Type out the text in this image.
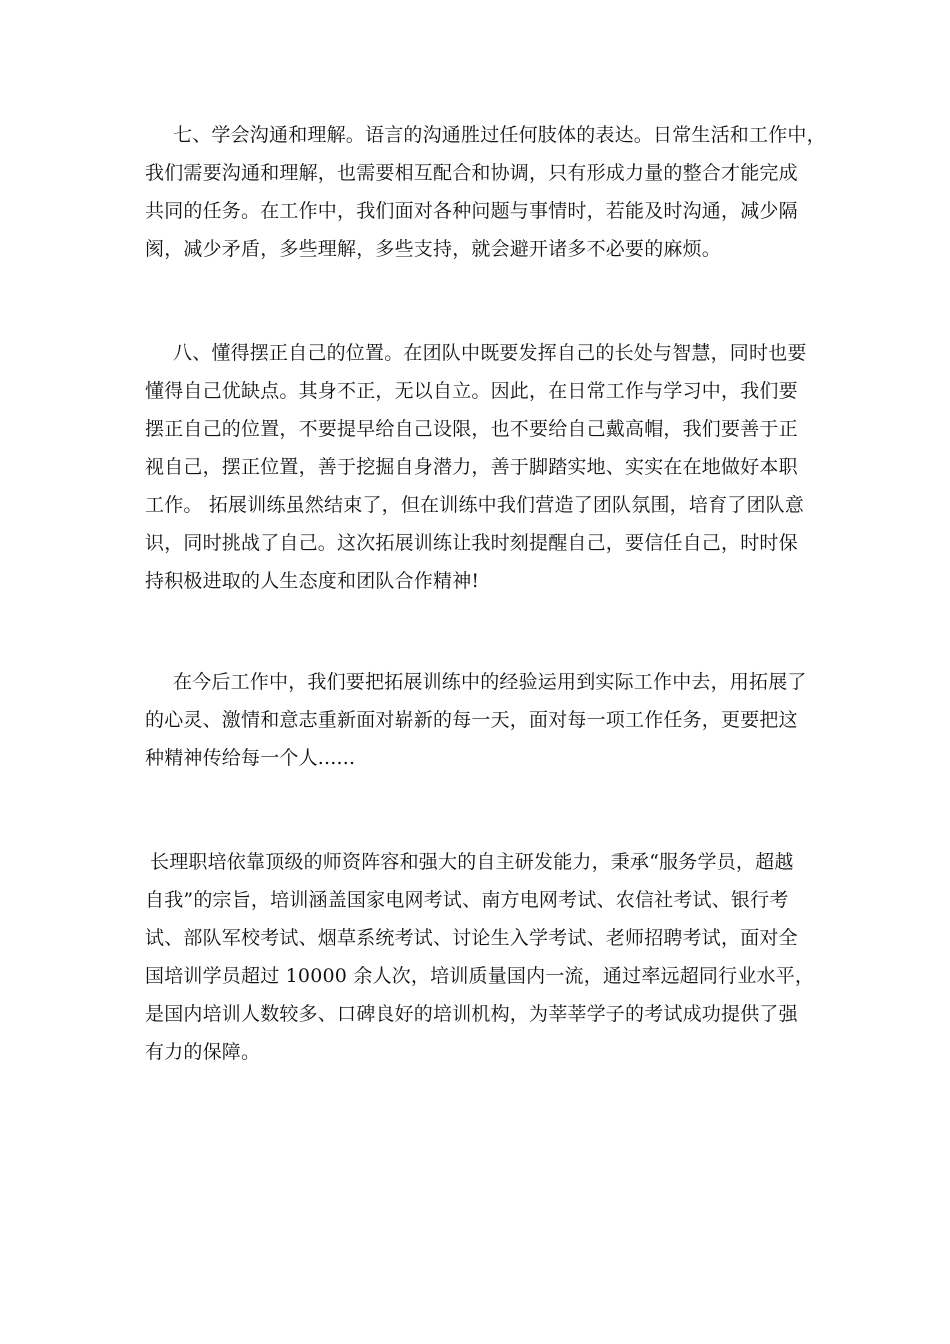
七、学会沟通和理解。语言的沟通胜过任何肢体的表达。日常生活和工作中，
我们需要沟通和理解，也需要相互配合和协调，只有形成力量的整合才能完成
共同的任务。在工作中，我们面对各种问题与事情时，若能及时沟通，减少隔
阂，减少矛盾，多些理解，多些支持，就会避开诸多不必要的麻烦。
八、懂得摆正自己的位置。在团队中既要发挥自己的长处与智慧，同时也要
懂得自己优缺点。其身不正，无以自立。因此，在日常工作与学习中，我们要
摆正自己的位置，不要提早给自己设限，也不要给自己戴高帽，我们要善于正
视自己，摆正位置，善于挖掘自身潜力，善于脚踏实地、实实在在地做好本职
工作。 拓展训练虽然结束了，但在训练中我们营造了团队氛围，培育了团队意
识，同时挑战了自己。这次拓展训练让我时刻提醒自己，要信任自己，时时保
持积极进取的人生态度和团队合作精神!
在今后工作中，我们要把拓展训练中的经验运用到实际工作中去，用拓展了
的心灵、激情和意志重新面对崭新的每一天，面对每一项工作任务，更要把这
种精神传给每一个人......
长理职培依靠顶级的师资阵容和强大的自主研发能力，秉承“服务学员，超越
自我”的宗旨，培训涵盖国家电网考试、南方电网考试、农信社考试、银行考
试、部队军校考试、烟草系统考试、讨论生入学考试、老师招聘考试，面对全
国培训学员超过 10000 余人次，培训质量国内一流，通过率远超同行业水平，
是国内培训人数较多、口碑良好的培训机构，为莘莘学子的考试成功提供了强
有力的保障。
